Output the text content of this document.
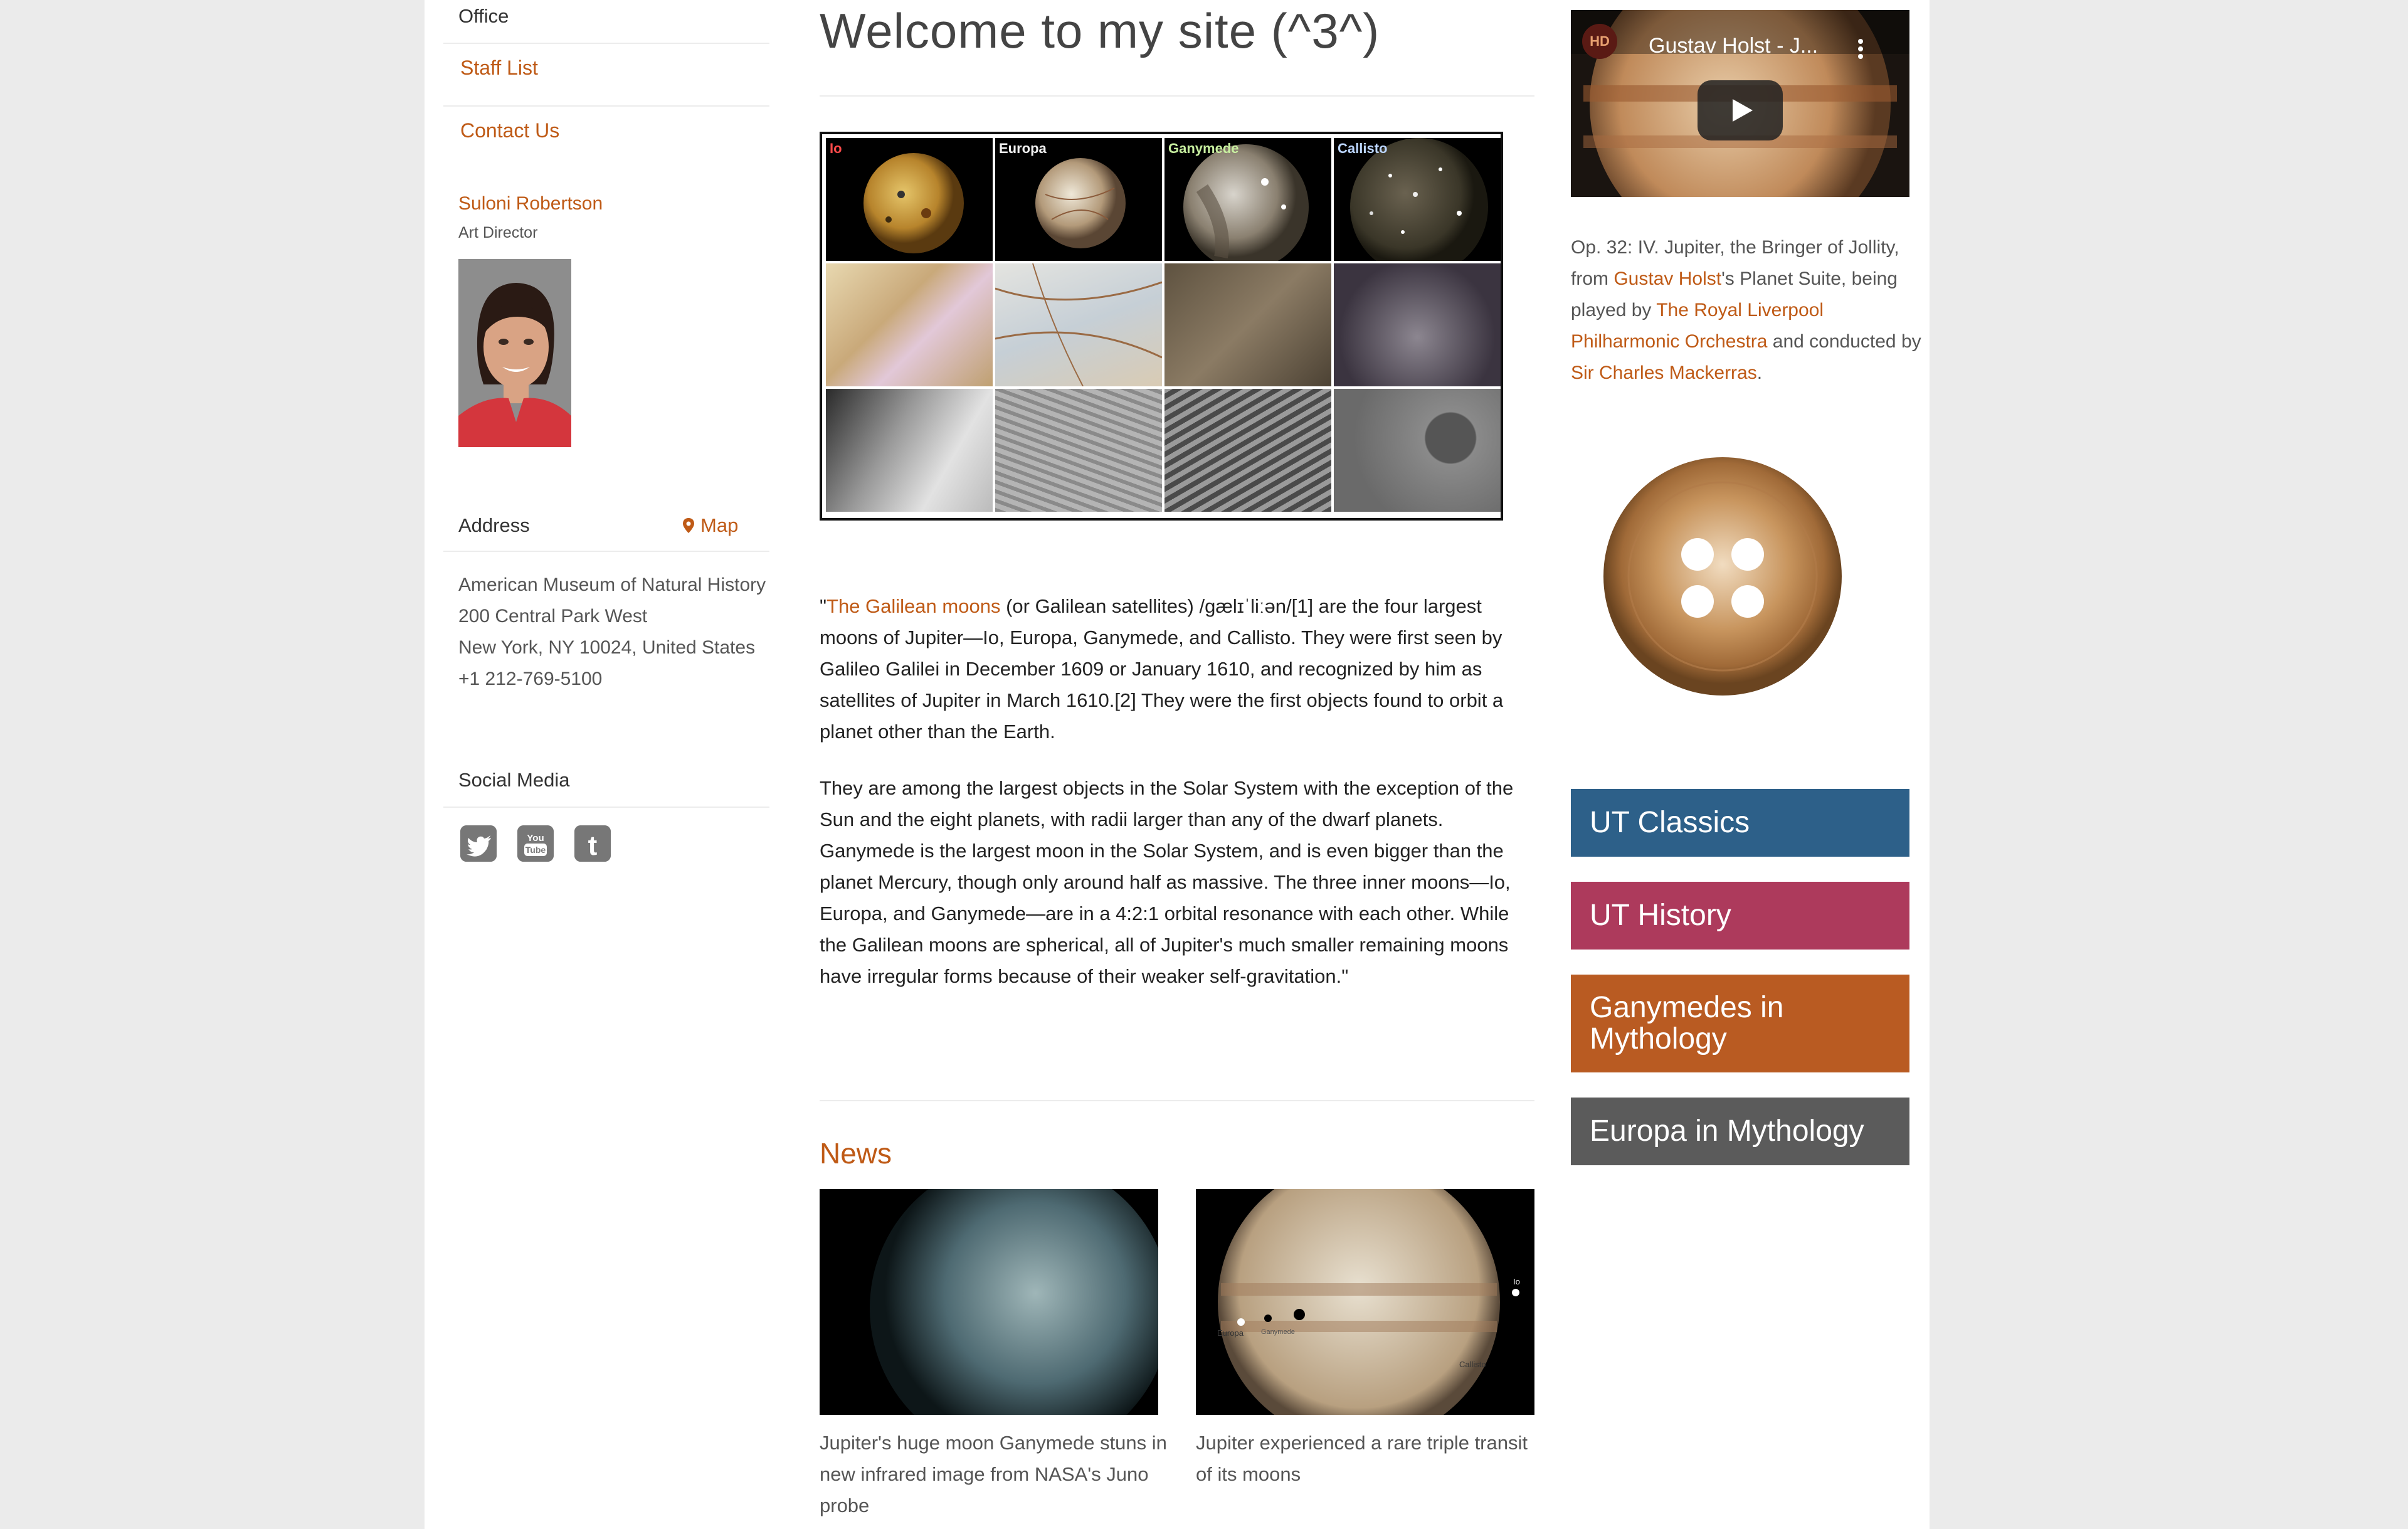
Office
Staff List
Contact Us
Suloni Robertson
Art Director
Address	Map
American Museum of Natural History
200 Central Park West
New York, NY 10024, United States
+1 212-769-5100
Social Media
You
Tube t
Welcome to my site (^3^)
Io	Europa	Ganymede	Callisto
"The Galilean moons (or Galilean satellites) /ɡælɪˈliːən/[1] are the four largest moons of Jupiter—Io, Europa, Ganymede, and Callisto. They were first seen by Galileo Galilei in December 1609 or January 1610, and recognized by him as satellites of Jupiter in March 1610.[2] They were the first objects found to orbit a planet other than the Earth.
They are among the largest objects in the Solar System with the exception of the Sun and the eight planets, with radii larger than any of the dwarf planets. Ganymede is the largest moon in the Solar System, and is even bigger than the planet Mercury, though only around half as massive. The three inner moons—Io, Europa, and Ganymede—are in a 4:2:1 orbital resonance with each other. While the Galilean moons are spherical, all of Jupiter's much smaller remaining moons have irregular forms because of their weaker self-gravitation."
News
Jupiter's huge moon Ganymede stuns in new infrared image from NASA's Juno probe
Io
Europa	Ganymede
Callisto
Jupiter experienced a rare triple transit of its moons
HD	Gustav Holst - J...
Op. 32: IV. Jupiter, the Bringer of Jollity, from Gustav Holst's Planet Suite, being played by The Royal Liverpool Philharmonic Orchestra and conducted by Sir Charles Mackerras.
UT Classics
UT History
Ganymedes in Mythology
Europa in Mythology
